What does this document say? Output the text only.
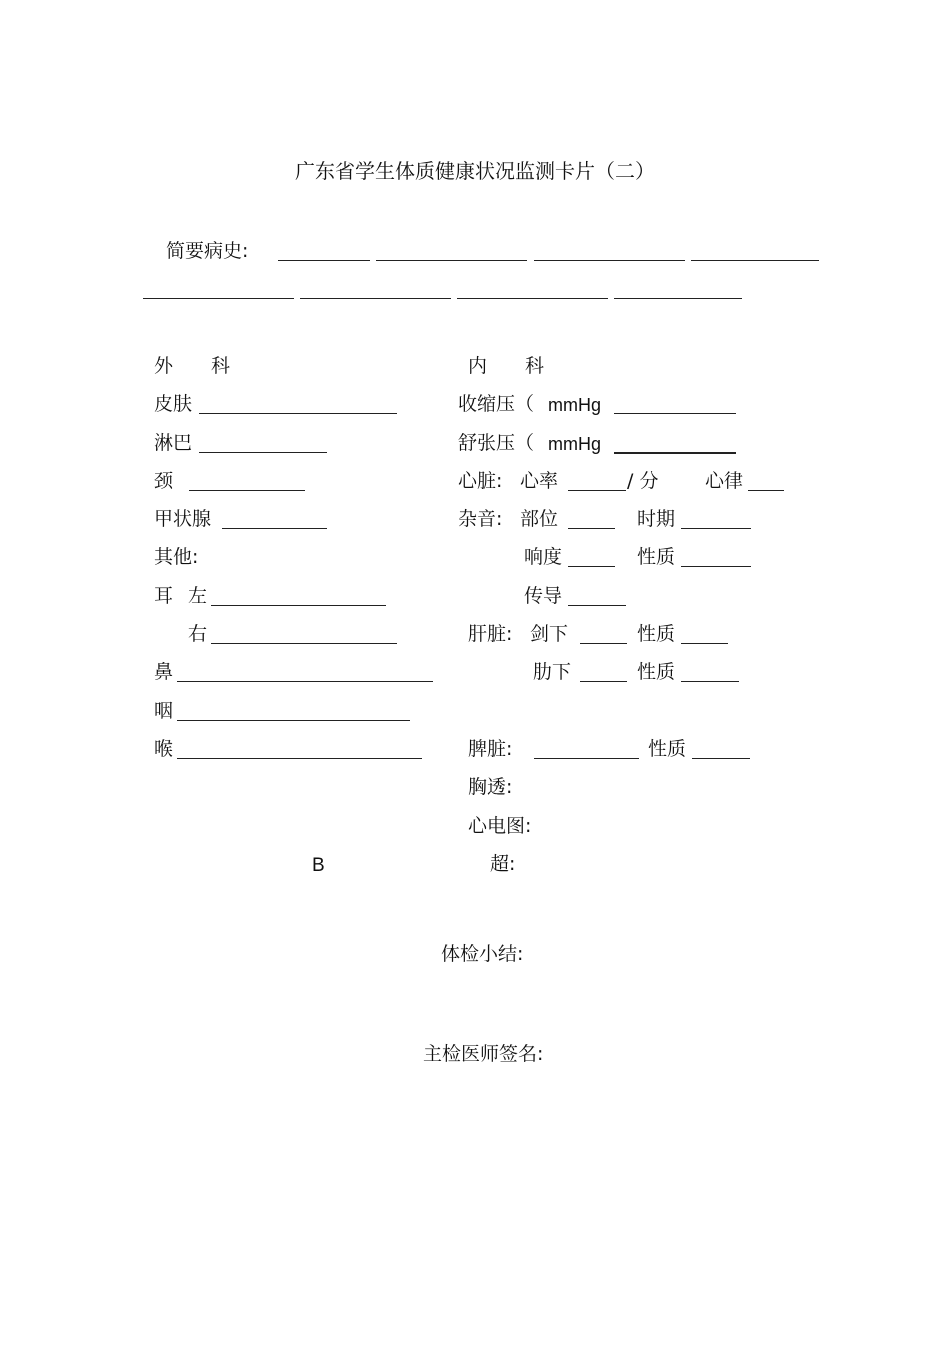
广东省学生体质健康状况监测卡片（二）
简要病史:
外　　科
皮肤
淋巴
颈
甲状腺
其他:
耳 左
右
鼻
咽
喉
内　　科
收缩压（ mmHg
舒张压（ mmHg
心脏: 心率	/ 分 心律
杂音: 部位	时期
响度	性质
传导
肝脏: 剑下	性质
肋下	性质
脾脏:	性质
胸透:
心电图:
B	超:
体检小结:
主检医师签名:
